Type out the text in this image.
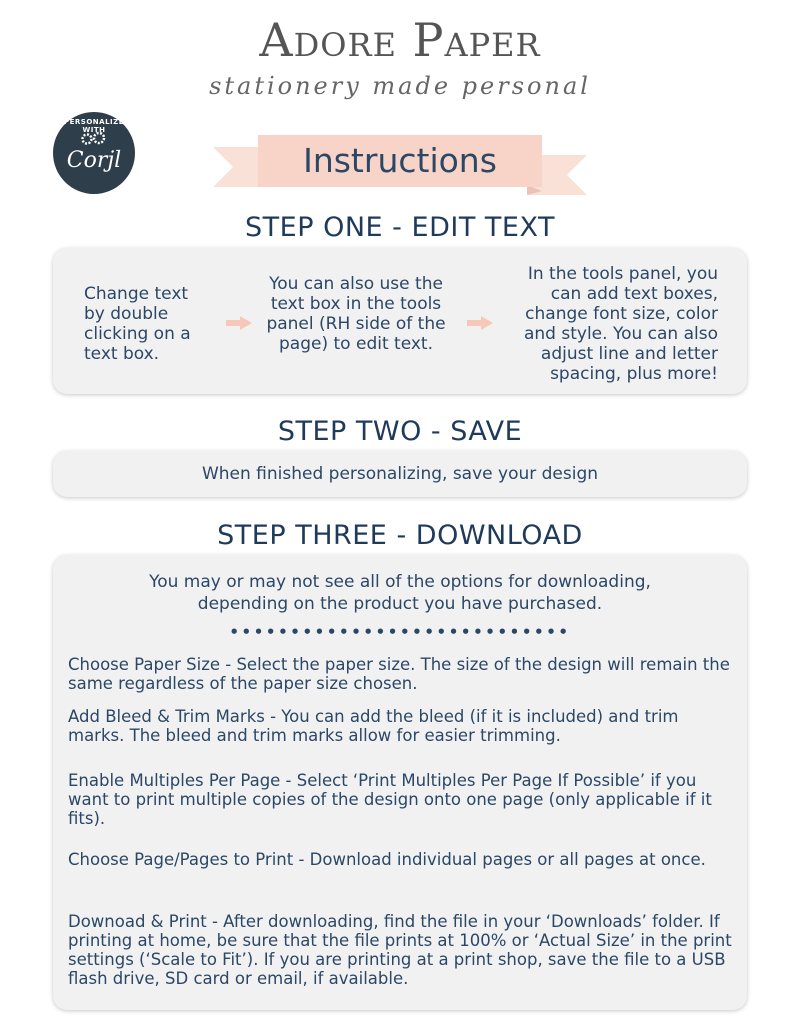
Adore Paper
stationery made personal
PERSONALIZE WITH
Corjl	Instructions
STEP ONE - EDIT TEXT
Change text by double clicking on a text box.
You can also use the text box in the tools panel (RH side of the page) to edit text.
In the tools panel, you can add text boxes, change font size, color and style. You can also adjust line and letter spacing, plus more!
STEP TWO - SAVE
When finished personalizing, save your design
STEP THREE - DOWNLOAD
You may or may not see all of the options for downloading, depending on the product you have purchased.
••••••••••••••••••••••••••••
Choose Paper Size - Select the paper size. The size of the design will remain the same regardless of the paper size chosen.
Add Bleed & Trim Marks - You can add the bleed (if it is included) and trim marks. The bleed and trim marks allow for easier trimming.
Enable Multiples Per Page - Select ‘Print Multiples Per Page If Possible’ if you want to print multiple copies of the design onto one page (only applicable if it fits).
Choose Page/Pages to Print - Download individual pages or all pages at once.
Downoad & Print - After downloading, find the file in your ‘Downloads’ folder. If printing at home, be sure that the file prints at 100% or ‘Actual Size’ in the print settings (‘Scale to Fit’). If you are printing at a print shop, save the file to a USB flash drive, SD card or email, if available.
